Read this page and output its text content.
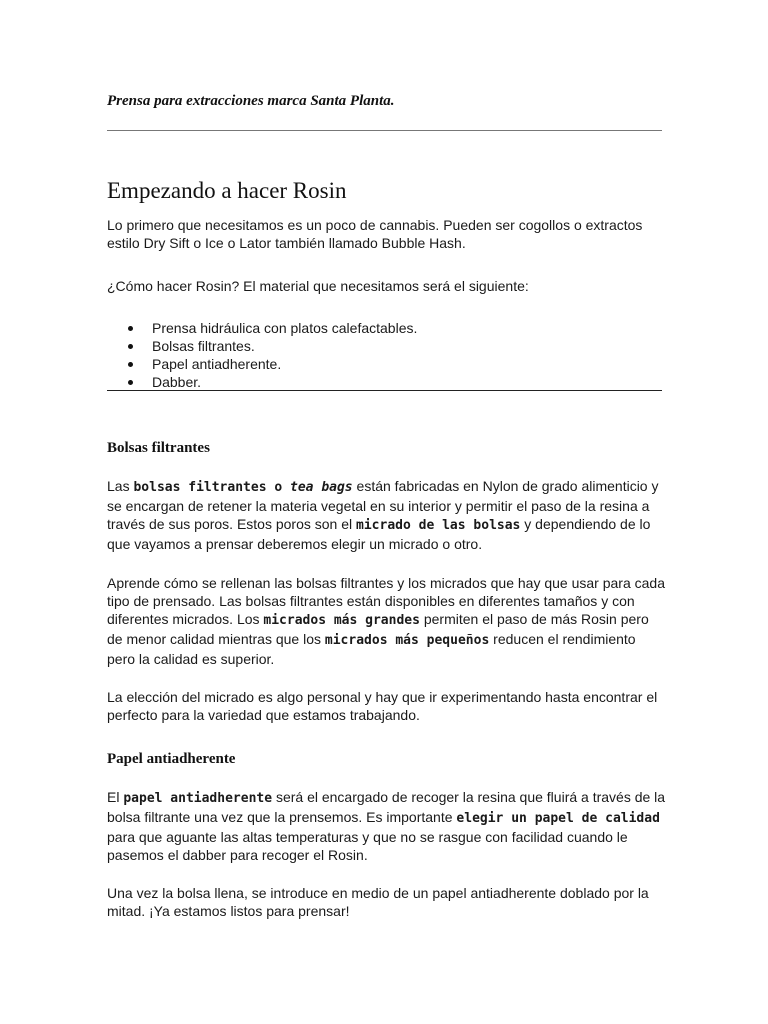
Prensa para extracciones marca Santa Planta.
Empezando a hacer Rosin

Lo primero que necesitamos es un poco de cannabis. Pueden ser cogollos o extractos estilo Dry Sift o Ice o Lator también llamado Bubble Hash.

¿Cómo hacer Rosin? El material que necesitamos será el siguiente:

Prensa hidráulica con platos calefactables.
Bolsas filtrantes.
Papel antiadherente.
Dabber.
Bolsas filtrantes

Las bolsas filtrantes o tea bags están fabricadas en Nylon de grado alimenticio y se encargan de retener la materia vegetal en su interior y permitir el paso de la resina a través de sus poros. Estos poros son el micrado de las bolsas y dependiendo de lo que vayamos a prensar deberemos elegir un micrado o otro.

Aprende cómo se rellenan las bolsas filtrantes y los micrados que hay que usar para cada tipo de prensado. Las bolsas filtrantes están disponibles en diferentes tamaños y con diferentes micrados. Los micrados más grandes permiten el paso de más Rosin pero de menor calidad mientras que los micrados más pequeños reducen el rendimiento pero la calidad es superior.

La elección del micrado es algo personal y hay que ir experimentando hasta encontrar el perfecto para la variedad que estamos trabajando.

Papel antiadherente

El papel antiadherente será el encargado de recoger la resina que fluirá a través de la bolsa filtrante una vez que la prensemos. Es importante elegir un papel de calidad para que aguante las altas temperaturas y que no se rasgue con facilidad cuando le pasemos el dabber para recoger el Rosin.

Una vez la bolsa llena, se introduce en medio de un papel antiadherente doblado por la mitad. ¡Ya estamos listos para prensar!
